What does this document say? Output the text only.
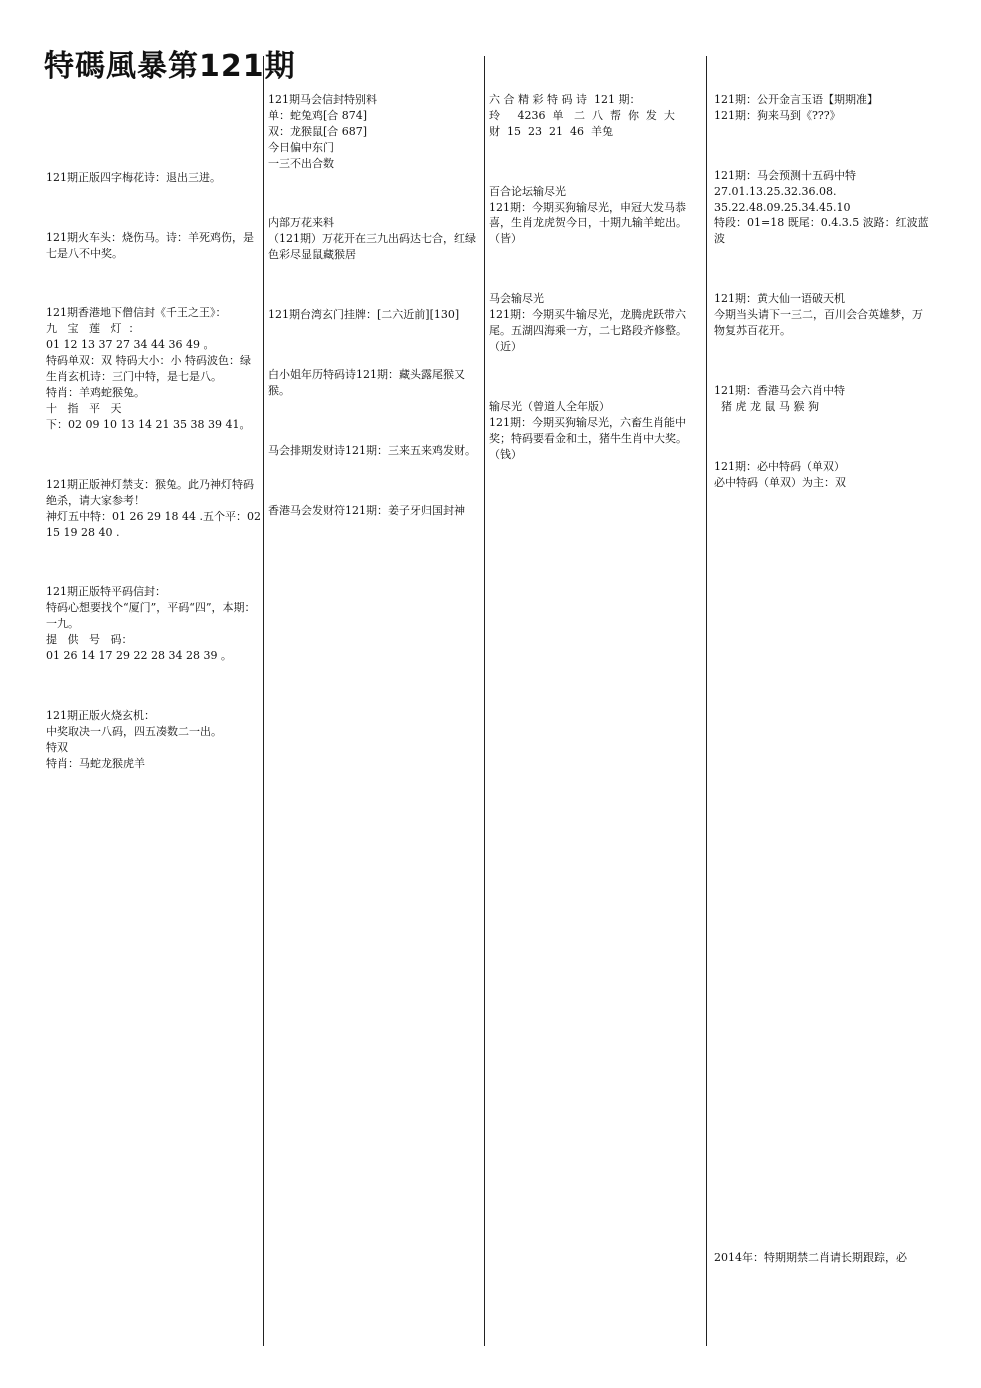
特碼風暴第121期

121期正版四字梅花诗：退出三进。

121期火车头：烧伤马。诗：羊死鸡伤，是七是八不中奖。

121期香港地下僧信封《千王之王》：
九   宝   莲   灯  ：
01 12 13 37 27 34 44 36 49 。
特码单双：双 特码大小：小 特码波色：绿
生肖玄机诗：三门中特，是七是八。
特肖：羊鸡蛇猴兔。
十   指   平   天
下：02 09 10 13 14 21 35 38 39 41。

121期正版神灯禁支：猴兔。此乃神灯特码绝杀，请大家参考！
神灯五中特：01 26 29 18 44 .五个平：02 15 19 28 40 .

121期正版特平码信封：
特码心想要找个“厦门”，平码“四”，本期：一九。
提   供   号   码：
01 26 14 17 29 22 28 34 28 39 。

121期正版火烧玄机：
中奖取决一八码，四五凑数二一出。
特双
特肖：马蛇龙猴虎羊

121期马会信封特别料
单：蛇兔鸡[合 874]
双：龙猴鼠[合 687]
今日偏中东门
一三不出合数

内部万花来料
（121期）万花开在三九出码达七合，红绿色彩尽显鼠藏猴居

121期台湾玄门挂牌：[二六近前][130]

白小姐年历特码诗121期：藏头露尾猴又猴。

马会排期发财诗121期：三来五来鸡发财。

香港马会发财符121期：姜子牙归国封神

六 合 精 彩 特 码 诗  121 期：
玲     4236  单   二  八  帮  你  发  大
财  15  23  21  46  羊兔

百合论坛输尽光
121期：今期买狗输尽光，申冠大发马恭喜，生肖龙虎贺今日，十期九输羊蛇出。（皆）

马会输尽光
121期：今期买牛输尽光，龙腾虎跃带六尾。五湖四海乘一方，二七路段齐修整。（近）

输尽光（曾道人全年版）
121期：今期买狗输尽光，六畜生肖能中奖；特码要看金和土，猪牛生肖中大奖。（钱）

121期：公开金言玉语【期期准】
121期：狗来马到《???》

121期：马会预测十五码中特
27.01.13.25.32.36.08.
35.22.48.09.25.34.45.10
特段：01=18 既尾：0.4.3.5 波路：红波蓝波

121期：黄大仙一语破天机
今期当头请下一三二，百川会合英雄梦，万物复苏百花开。

121期：香港马会六肖中特
猪 虎 龙 鼠 马 猴 狗

121期：必中特码（单双）
必中特码（单双）为主：双

2014年：特期期禁二肖请长期跟踪，必
